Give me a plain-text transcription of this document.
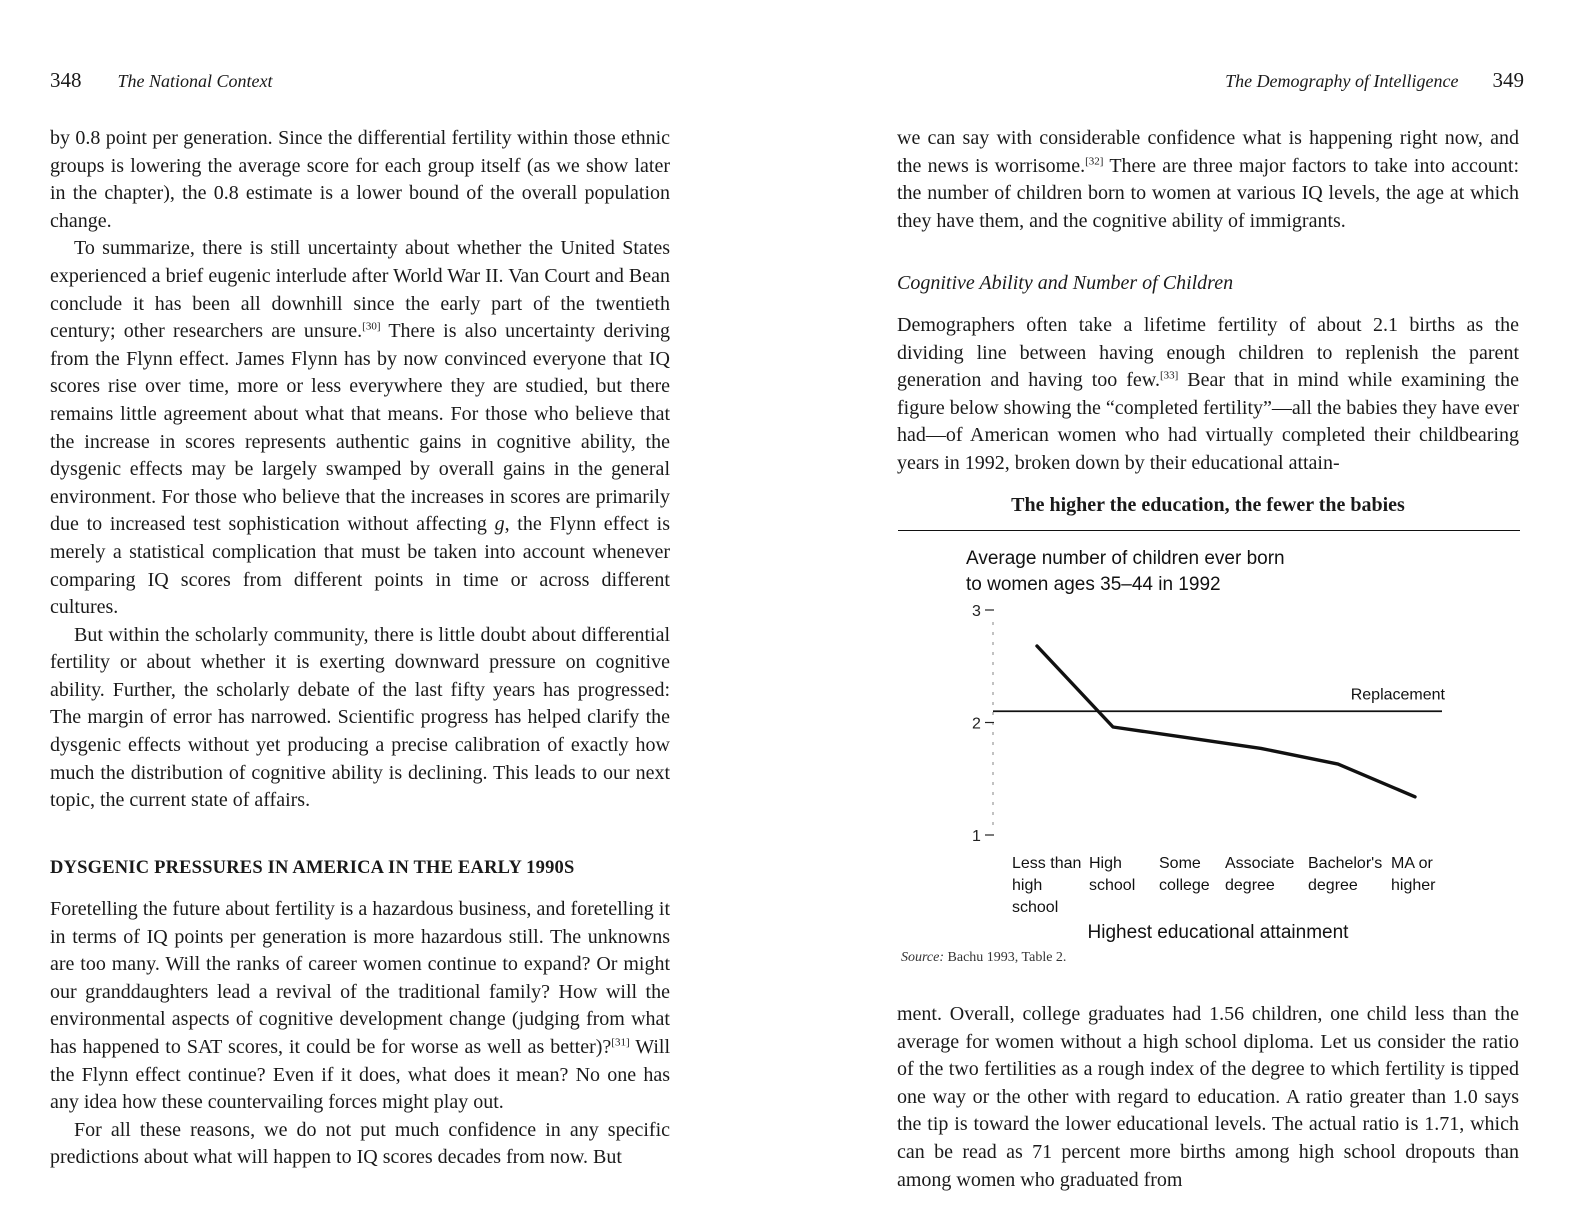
348 The National Context

by 0.8 point per generation. Since the differential fertility within those ethnic groups is lowering the average score for each group itself (as we show later in the chapter), the 0.8 estimate is a lower bound of the overall population change.

To summarize, there is still uncertainty about whether the United States experienced a brief eugenic interlude after World War II. Van Court and Bean conclude it has been all downhill since the early part of the twentieth century; other researchers are unsure.[30] There is also uncertainty deriving from the Flynn effect. James Flynn has by now convinced everyone that IQ scores rise over time, more or less everywhere they are studied, but there remains little agreement about what that means. For those who believe that the increase in scores represents authentic gains in cognitive ability, the dysgenic effects may be largely swamped by overall gains in the general environment. For those who believe that the increases in scores are primarily due to increased test sophistication without affecting g, the Flynn effect is merely a statistical complication that must be taken into account whenever comparing IQ scores from different points in time or across different cultures.

But within the scholarly community, there is little doubt about differential fertility or about whether it is exerting downward pressure on cognitive ability. Further, the scholarly debate of the last fifty years has progressed: The margin of error has narrowed. Scientific progress has helped clarify the dysgenic effects without yet producing a precise calibration of exactly how much the distribution of cognitive ability is declining. This leads to our next topic, the current state of affairs.

DYSGENIC PRESSURES IN AMERICA IN THE EARLY 1990S

Foretelling the future about fertility is a hazardous business, and foretelling it in terms of IQ points per generation is more hazardous still. The unknowns are too many. Will the ranks of career women continue to expand? Or might our granddaughters lead a revival of the traditional family? How will the environmental aspects of cognitive development change (judging from what has happened to SAT scores, it could be for worse as well as better)?[31] Will the Flynn effect continue? Even if it does, what does it mean? No one has any idea how these countervailing forces might play out.

For all these reasons, we do not put much confidence in any specific predictions about what will happen to IQ scores decades from now. But

The Demography of Intelligence 349

we can say with considerable confidence what is happening right now, and the news is worrisome.[32] There are three major factors to take into account: the number of children born to women at various IQ levels, the age at which they have them, and the cognitive ability of immigrants.

Cognitive Ability and Number of Children

Demographers often take a lifetime fertility of about 2.1 births as the dividing line between having enough children to replenish the parent generation and having too few.[33] Bear that in mind while examining the figure below showing the “completed fertility”—all the babies they have ever had—of American women who had virtually completed their childbearing years in 1992, broken down by their educational attain-

The higher the education, the fewer the babies
Average number of children ever born
to women ages 35–44 in 1992
3
2
1
Replacement
Less than
high
school
High
school
Some
college
Associate
degree
Bachelor's
degree
MA or
higher
Highest educational attainment
Source: Bachu 1993, Table 2.

ment. Overall, college graduates had 1.56 children, one child less than the average for women without a high school diploma. Let us consider the ratio of the two fertilities as a rough index of the degree to which fertility is tipped one way or the other with regard to education. A ratio greater than 1.0 says the tip is toward the lower educational levels. The actual ratio is 1.71, which can be read as 71 percent more births among high school dropouts than among women who graduated from
